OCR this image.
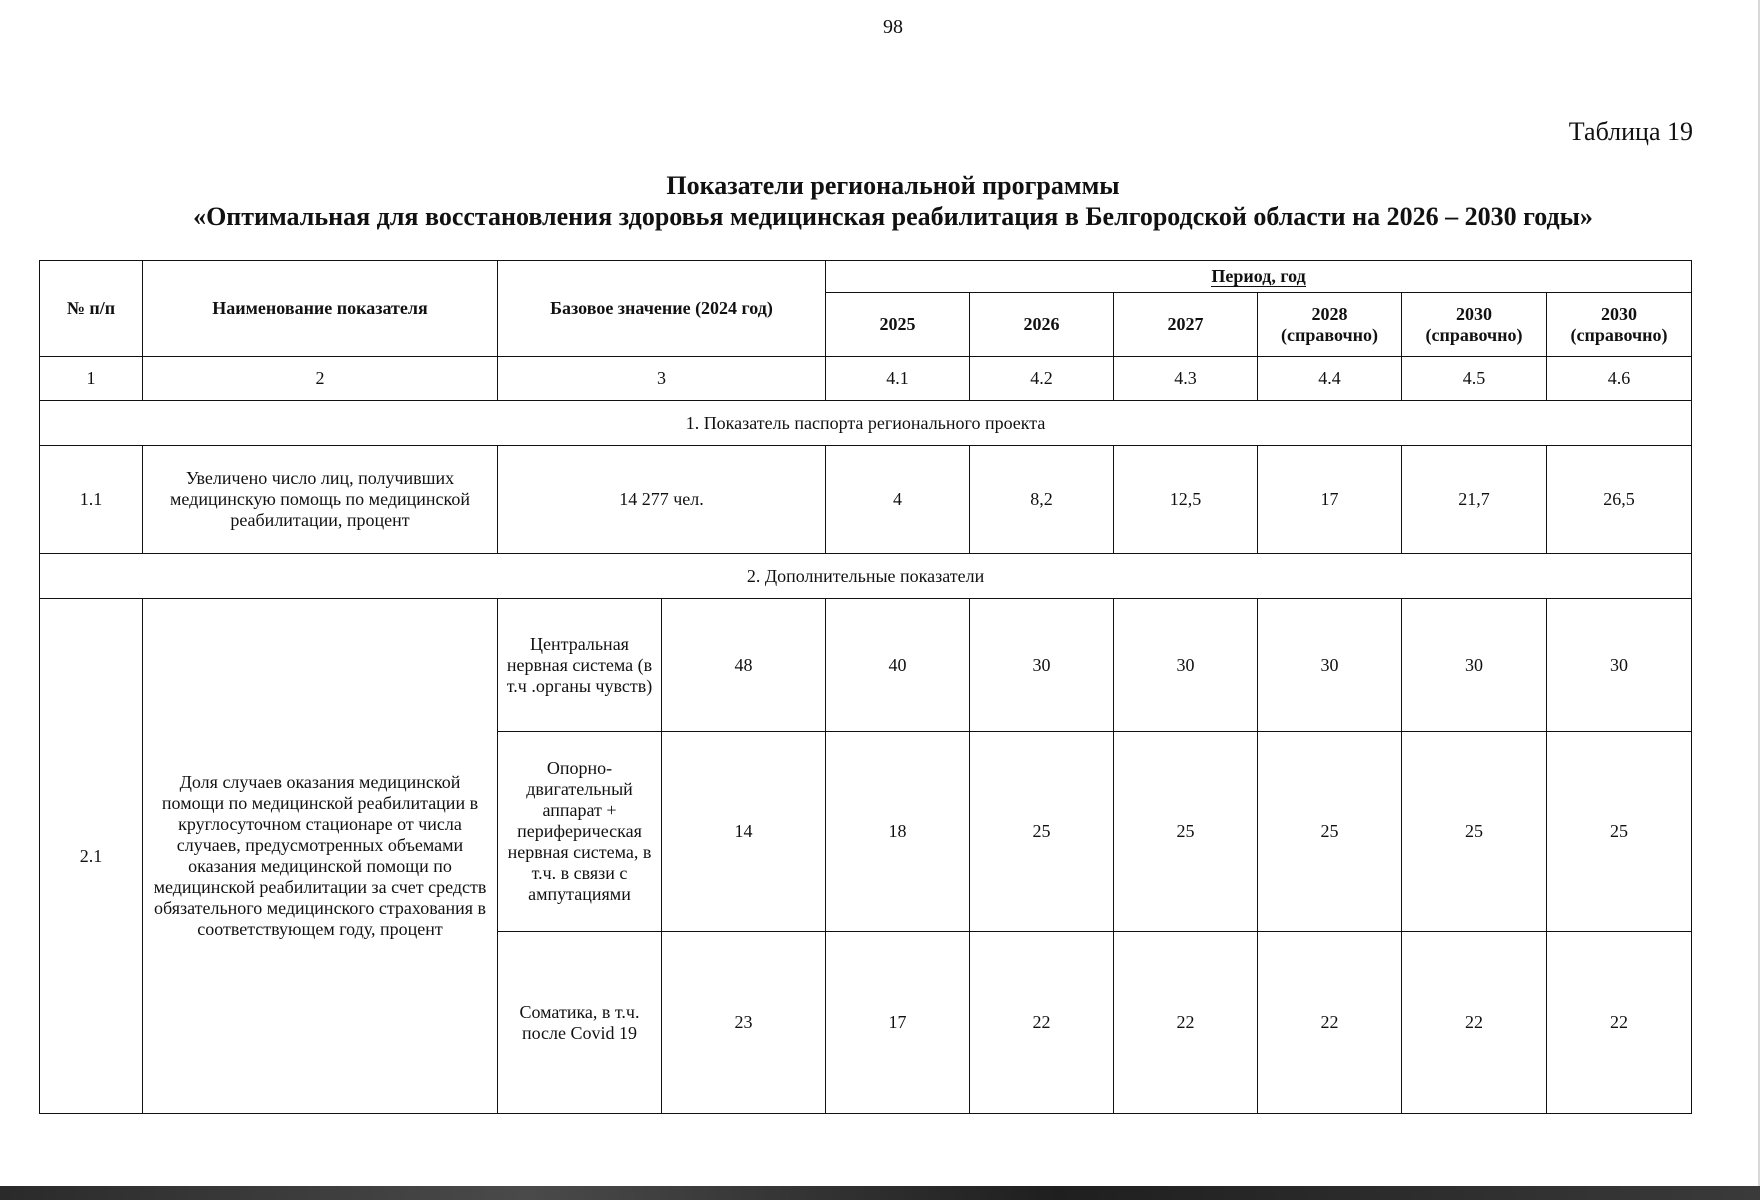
98
Таблица 19
Показатели региональной программы
«Оптимальная для восстановления здоровья медицинская реабилитация в Белгородской области на 2026 – 2030 годы»
№ п/п	Наименование показателя	Базовое значение (2024 год)		Период, год					
				2025	2026	2027	2028 (справочно)	2030 (справочно)	2030 (справочно)
1	2	3		4.1	4.2	4.3	4.4	4.5	4.6
1. Показатель паспорта регионального проекта									
1.1	Увеличено число лиц, получивших медицинскую помощь по медицинской реабилитации, процент	14 277 чел.		4	8,2	12,5	17	21,7	26,5
2. Дополнительные показатели									
2.1	Доля случаев оказания медицинской помощи по медицинской реабилитации в круглосуточном стационаре от числа случаев, предусмотренных объемами оказания медицинской помощи по медицинской реабилитации за счет средств обязательного медицинского страхования в соответствующем году, процент	Центральная нервная система (в т.ч .органы чувств)	48	40	30	30	30	30	30
		Опорно-двигательный аппарат + периферическая нервная система, в т.ч. в связи с ампутациями	14	18	25	25	25	25	25
		Соматика, в т.ч. после Covid 19	23	17	22	22	22	22	22
